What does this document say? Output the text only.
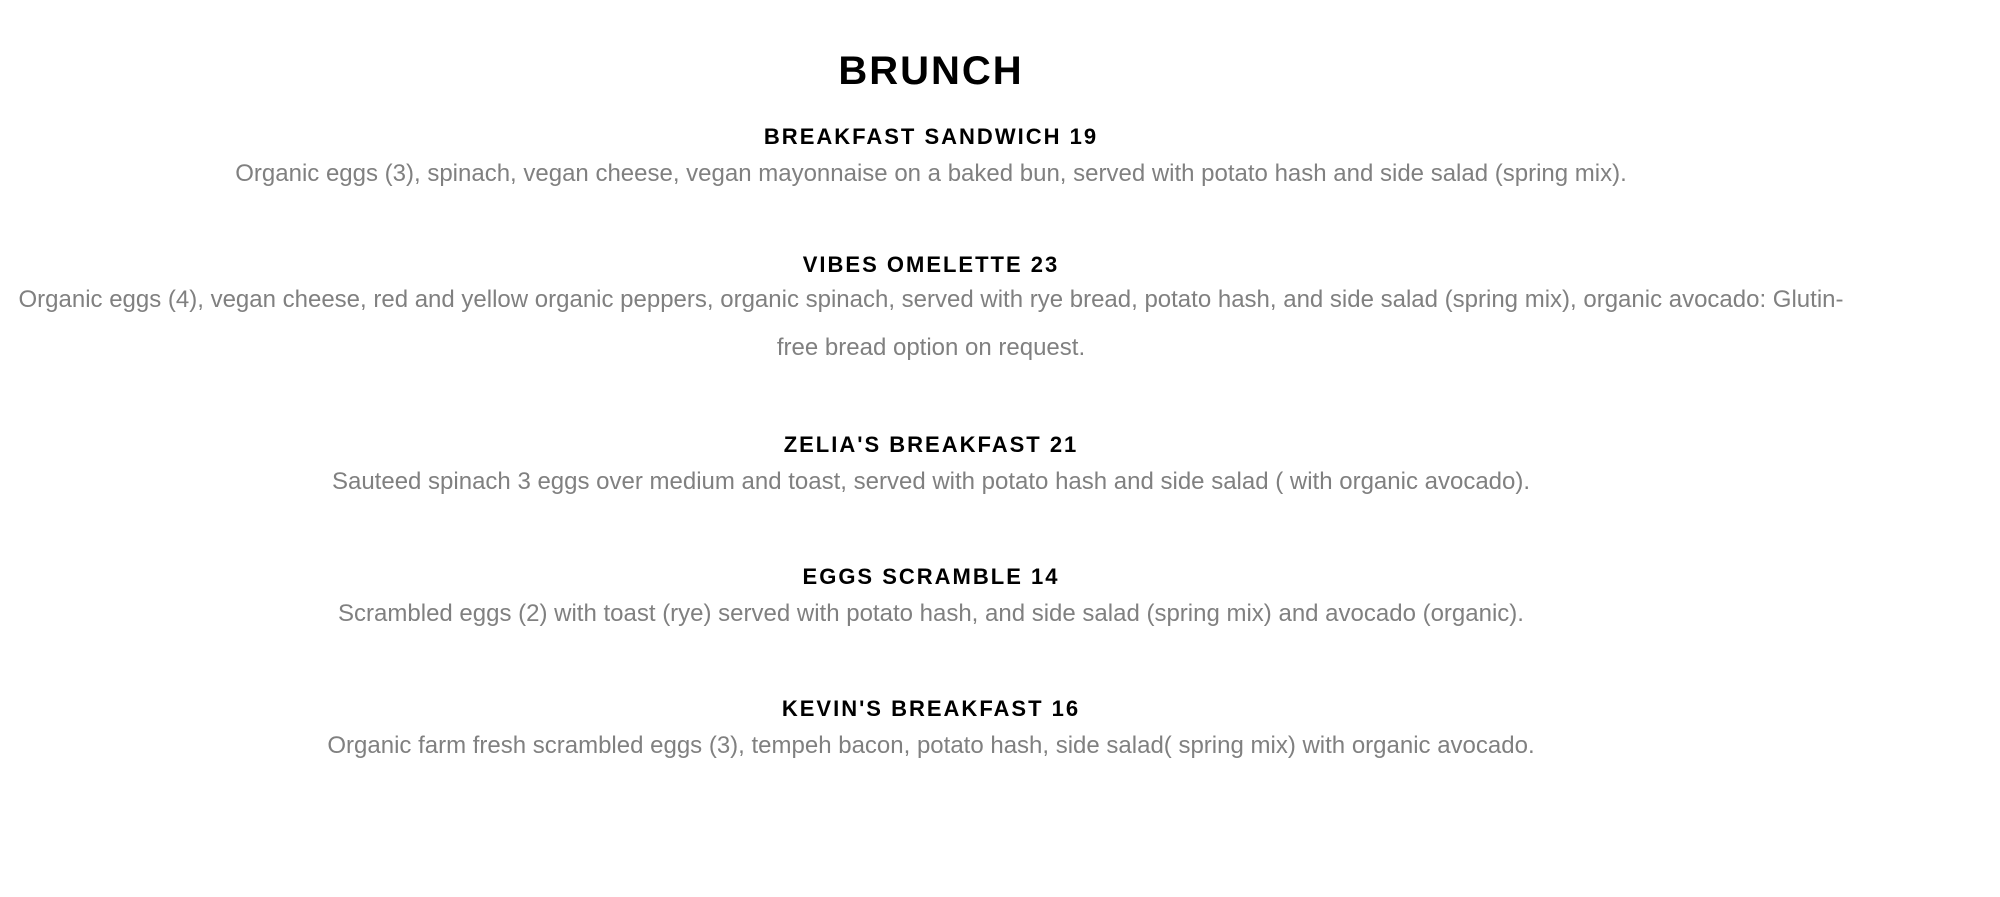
BRUNCH
BREAKFAST SANDWICH 19

Organic eggs (3), spinach, vegan cheese, vegan mayonnaise on a baked bun, served with potato hash and side salad (spring mix).

VIBES OMELETTE 23

Organic eggs (4), vegan cheese, red and yellow organic peppers, organic spinach, served with rye bread, potato hash, and side salad (spring mix), organic avocado: Glutin-free bread option on request.

ZELIA'S BREAKFAST 21

Sauteed spinach 3 eggs over medium and toast, served with potato hash and side salad ( with organic avocado).

EGGS SCRAMBLE 14

Scrambled eggs (2) with toast (rye) served with potato hash, and side salad (spring mix) and avocado (organic).

KEVIN'S BREAKFAST 16

Organic farm fresh scrambled eggs (3), tempeh bacon, potato hash, side salad( spring mix) with organic avocado.
